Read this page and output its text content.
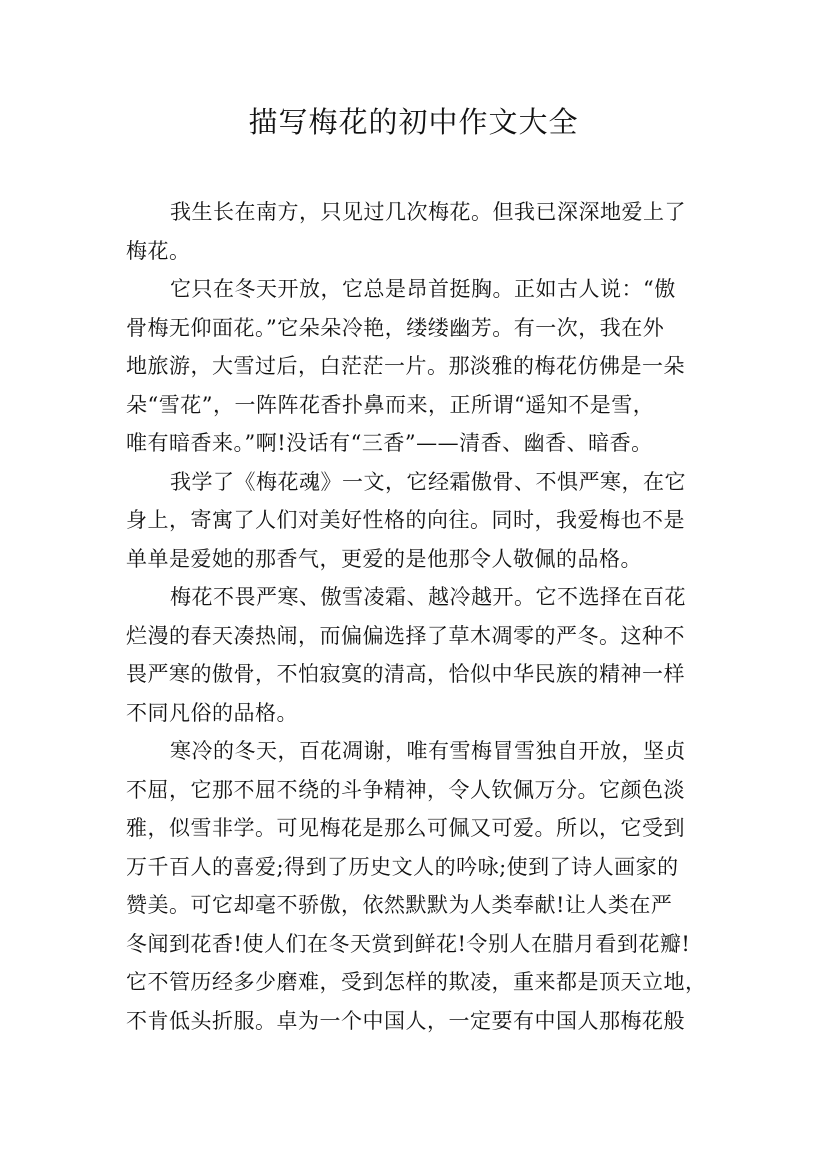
描写梅花的初中作文大全

我生长在南方，只见过几次梅花。但我已深深地爱上了
梅花。

它只在冬天开放，它总是昂首挺胸。正如古人说：“傲
骨梅无仰面花。”它朵朵冷艳，缕缕幽芳。有一次，我在外
地旅游，大雪过后，白茫茫一片。那淡雅的梅花仿佛是一朵
朵“雪花”，一阵阵花香扑鼻而来，正所谓“遥知不是雪，
唯有暗香来。”啊!没话有“三香”——清香、幽香、暗香。

我学了《梅花魂》一文，它经霜傲骨、不惧严寒，在它
身上，寄寓了人们对美好性格的向往。同时，我爱梅也不是
单单是爱她的那香气，更爱的是他那令人敬佩的品格。

梅花不畏严寒、傲雪凌霜、越冷越开。它不选择在百花
烂漫的春天凑热闹，而偏偏选择了草木凋零的严冬。这种不
畏严寒的傲骨，不怕寂寞的清高，恰似中华民族的精神一样
不同凡俗的品格。

寒冷的冬天，百花凋谢，唯有雪梅冒雪独自开放，坚贞
不屈，它那不屈不绕的斗争精神，令人钦佩万分。它颜色淡
雅，似雪非学。可见梅花是那么可佩又可爱。所以，它受到
万千百人的喜爱;得到了历史文人的吟咏;使到了诗人画家的
赞美。可它却毫不骄傲，依然默默为人类奉献!让人类在严
冬闻到花香!使人们在冬天赏到鲜花!令别人在腊月看到花瓣!
它不管历经多少磨难，受到怎样的欺凌，重来都是顶天立地，
不肯低头折服。卓为一个中国人，一定要有中国人那梅花般
